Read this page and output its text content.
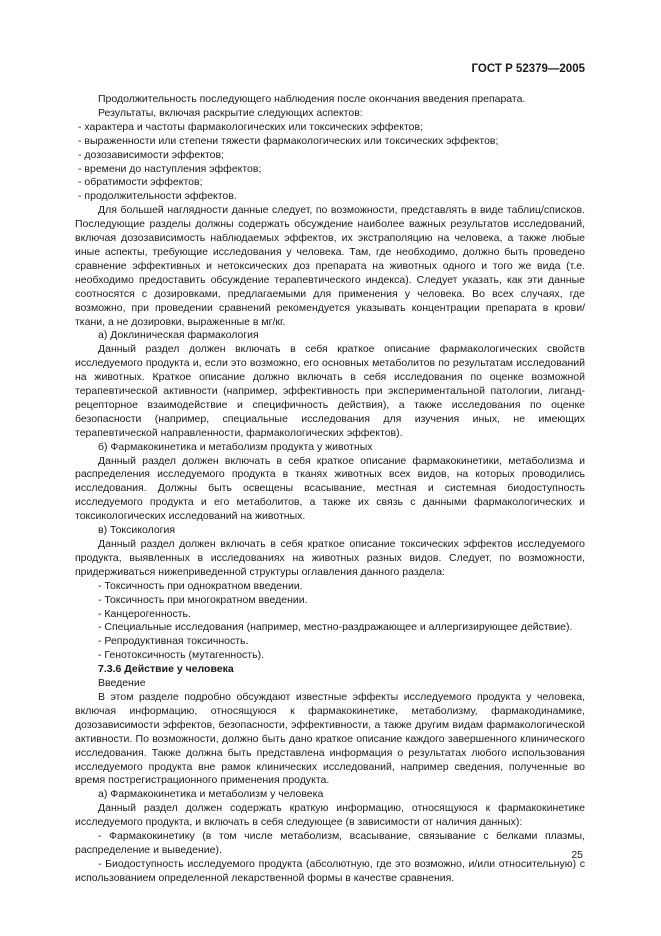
ГОСТ Р 52379—2005

Продолжительность последующего наблюдения после окончания введения препарата.

Результаты, включая раскрытие следующих аспектов:

- характера и частоты фармакологических или токсических эффектов;

- выраженности или степени тяжести фармакологических или токсических эффектов;

- дозозависимости эффектов;

- времени до наступления эффектов;

- обратимости эффектов;

- продолжительности эффектов.

Для большей наглядности данные следует, по возможности, представлять в виде таблиц/списков. Последующие разделы должны содержать обсуждение наиболее важных результатов исследований, включая дозозависимость наблюдаемых эффектов, их экстраполяцию на человека, а также любые иные аспекты, требующие исследования у человека. Там, где необходимо, должно быть проведено сравнение эффективных и нетоксических доз препарата на животных одного и того же вида (т.е. необходимо предоставить обсуждение терапевтического индекса). Следует указать, как эти данные соотносятся с дозировками, предлагаемыми для применения у человека. Во всех случаях, где возможно, при проведении сравнений рекомендуется указывать концентрации препарата в крови/ткани, а не дозировки, выраженные в мг/кг.

а) Доклиническая фармакология

Данный раздел должен включать в себя краткое описание фармакологических свойств исследуемого продукта и, если это возможно, его основных метаболитов по результатам исследований на животных. Краткое описание должно включать в себя исследования по оценке возможной терапевтической активности (например, эффективность при экспериментальной патологии, лиганд-рецепторное взаимодействие и специфичность действия), а также исследования по оценке безопасности (например, специальные исследования для изучения иных, не имеющих терапевтической направленности, фармакологических эффектов).

б) Фармакокинетика и метаболизм продукта у животных

Данный раздел должен включать в себя краткое описание фармакокинетики, метаболизма и распределения исследуемого продукта в тканях животных всех видов, на которых проводились исследования. Должны быть освещены всасывание, местная и системная биодоступность исследуемого продукта и его метаболитов, а также их связь с данными фармакологических и токсикологических исследований на животных.

в) Токсикология

Данный раздел должен включать в себя краткое описание токсических эффектов исследуемого продукта, выявленных в исследованиях на животных разных видов. Следует, по возможности, придерживаться нижеприведенной структуры оглавления данного раздела:

- Токсичность при однократном введении.

- Токсичность при многократном введении.

- Канцерогенность.

- Специальные исследования (например, местно-раздражающее и аллергизирующее действие).

- Репродуктивная токсичность.

- Генотоксичность (мутагенность).

7.3.6 Действие у человека

Введение

В этом разделе подробно обсуждают известные эффекты исследуемого продукта у человека, включая информацию, относящуюся к фармакокинетике, метаболизму, фармакодинамике, дозозависимости эффектов, безопасности, эффективности, а также другим видам фармакологической активности. По возможности, должно быть дано краткое описание каждого завершенного клинического исследования. Также должна быть представлена информация о результатах любого использования исследуемого продукта вне рамок клинических исследований, например сведения, полученные во время пострегистрационного применения продукта.

а) Фармакокинетика и метаболизм у человека

Данный раздел должен содержать краткую информацию, относящуюся к фармакокинетике исследуемого продукта, и включать в себя следующее (в зависимости от наличия данных):

- Фармакокинетику (в том числе метаболизм, всасывание, связывание с белками плазмы, распределение и выведение).

- Биодоступность исследуемого продукта (абсолютную, где это возможно, и/или относительную) с использованием определенной лекарственной формы в качестве сравнения.

25
